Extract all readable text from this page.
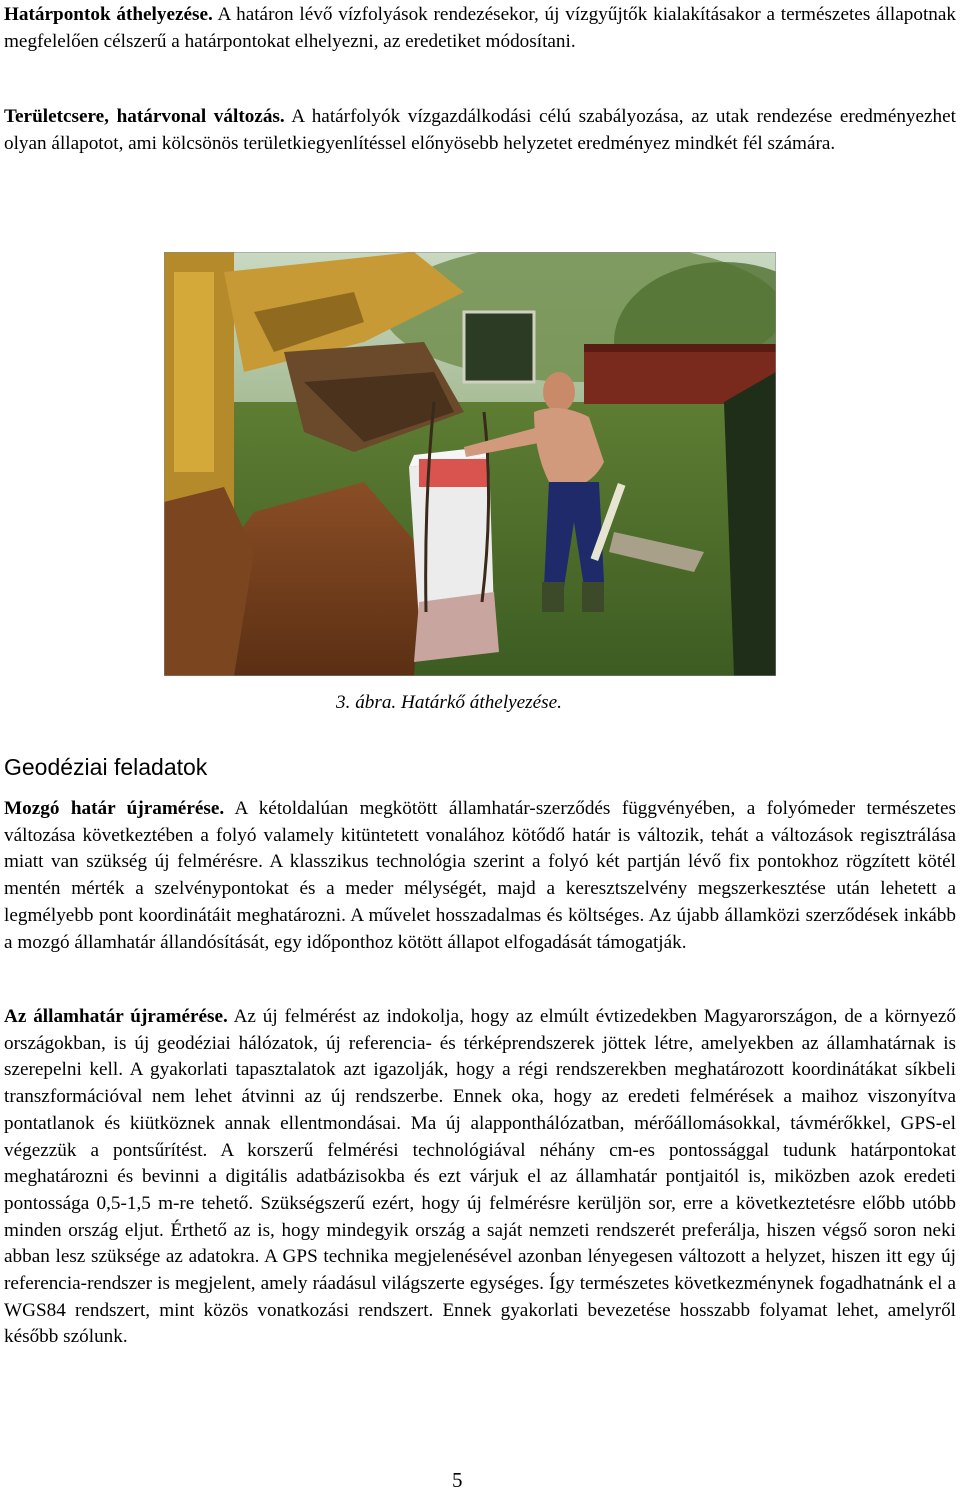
Határpontok áthelyezése. A határon lévő vízfolyások rendezésekor, új vízgyűjtők kialakításakor a természetes állapotnak megfelelően célszerű a határpontokat elhelyezni, az eredetiket módosítani.

Területcsere, határvonal változás. A határfolyók vízgazdálkodási célú szabályozása, az utak rendezése eredményezhet olyan állapotot, ami kölcsönös területkiegyenlítéssel előnyösebb helyzetet eredményez mindkét fél számára.

3. ábra. Határkő áthelyezése.
Geodéziai feladatok

Mozgó határ újramérése. A kétoldalúan megkötött államhatár-szerződés függvényében, a folyómeder természetes változása következtében a folyó valamely kitüntetett vonalához kötődő határ is változik, tehát a változások regisztrálása miatt van szükség új felmérésre. A klasszikus technológia szerint a folyó két partján lévő fix pontokhoz rögzített kötél mentén mérték a szelvénypontokat és a meder mélységét, majd a keresztszelvény megszerkesztése után lehetett a legmélyebb pont koordinátáit meghatározni. A művelet hosszadalmas és költséges. Az újabb államközi szerződések inkább a mozgó államhatár állandósítását, egy időponthoz kötött állapot elfogadását támogatják.

Az államhatár újramérése. Az új felmérést az indokolja, hogy az elmúlt évtizedekben Magyarországon, de a környező országokban, is új geodéziai hálózatok, új referencia- és térképrendszerek jöttek létre, amelyekben az államhatárnak is szerepelni kell. A gyakorlati tapasztalatok azt igazolják, hogy a régi rendszerekben meghatározott koordinátákat síkbeli transzformációval nem lehet átvinni az új rendszerbe. Ennek oka, hogy az eredeti felmérések a maihoz viszonyítva pontatlanok és kiütköznek annak ellentmondásai. Ma új alapponthálózatban, mérőállomásokkal, távmérőkkel, GPS-el végezzük a pontsűrítést. A korszerű felmérési technológiával néhány cm-es pontossággal tudunk határpontokat meghatározni és bevinni a digitális adatbázisokba és ezt várjuk el az államhatár pontjaitól is, miközben azok eredeti pontossága 0,5-1,5 m-re tehető. Szükségszerű ezért, hogy új felmérésre kerüljön sor, erre a következtetésre előbb utóbb minden ország eljut. Érthető az is, hogy mindegyik ország a saját nemzeti rendszerét preferálja, hiszen végső soron neki abban lesz szüksége az adatokra. A GPS technika megjelenésével azonban lényegesen változott a helyzet, hiszen itt egy új referencia-rendszer is megjelent, amely ráadásul világszerte egységes. Így természetes következménynek fogadhatnánk el a WGS84 rendszert, mint közös vonatkozási rendszert. Ennek gyakorlati bevezetése hosszabb folyamat lehet, amelyről később szólunk.

5
